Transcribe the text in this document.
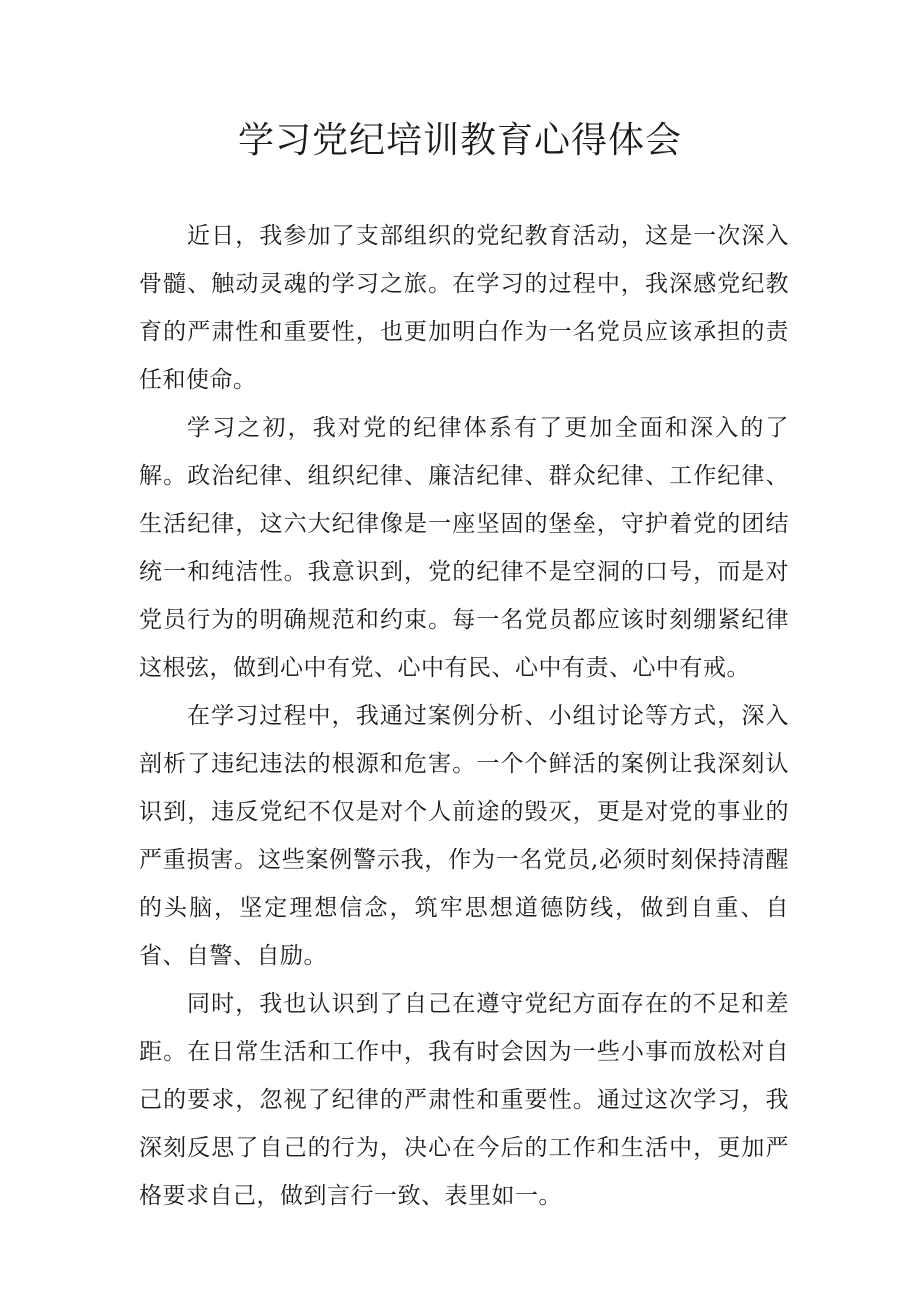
学习党纪培训教育心得体会

近日，我参加了支部组织的党纪教育活动，这是一次深入骨髓、触动灵魂的学习之旅。在学习的过程中，我深感党纪教育的严肃性和重要性，也更加明白作为一名党员应该承担的责任和使命。

学习之初，我对党的纪律体系有了更加全面和深入的了解。政治纪律、组织纪律、廉洁纪律、群众纪律、工作纪律、生活纪律，这六大纪律像是一座坚固的堡垒，守护着党的团结统一和纯洁性。我意识到，党的纪律不是空洞的口号，而是对党员行为的明确规范和约束。每一名党员都应该时刻绷紧纪律这根弦，做到心中有党、心中有民、心中有责、心中有戒。

在学习过程中，我通过案例分析、小组讨论等方式，深入剖析了违纪违法的根源和危害。一个个鲜活的案例让我深刻认识到，违反党纪不仅是对个人前途的毁灭，更是对党的事业的严重损害。这些案例警示我，作为一名党员,必须时刻保持清醒的头脑，坚定理想信念，筑牢思想道德防线，做到自重、自省、自警、自励。

同时，我也认识到了自己在遵守党纪方面存在的不足和差距。在日常生活和工作中，我有时会因为一些小事而放松对自己的要求，忽视了纪律的严肃性和重要性。通过这次学习，我深刻反思了自己的行为，决心在今后的工作和生活中，更加严格要求自己，做到言行一致、表里如一。
